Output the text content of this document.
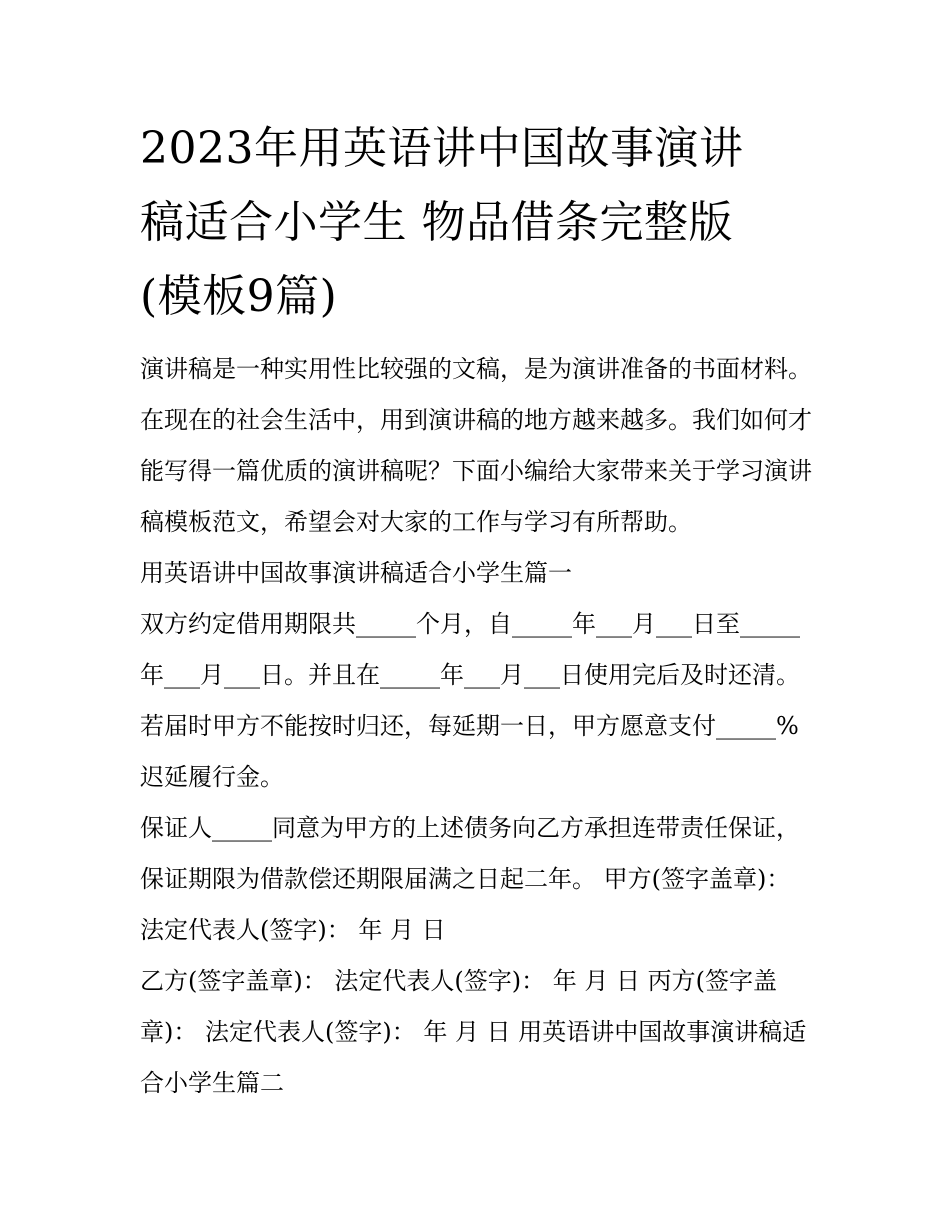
2023年用英语讲中国故事演讲
稿适合小学生 物品借条完整版
(模板9篇)

演讲稿是一种实用性比较强的文稿，是为演讲准备的书面材料。在现在的社会生活中，用到演讲稿的地方越来越多。我们如何才能写得一篇优质的演讲稿呢？下面小编给大家带来关于学习演讲稿模板范文，希望会对大家的工作与学习有所帮助。

用英语讲中国故事演讲稿适合小学生篇一

双方约定借用期限共_____个月，自_____年___月___日至_____年___月___日。并且在_____年___月___日使用完后及时还清。若届时甲方不能按时归还，每延期一日，甲方愿意支付_____%迟延履行金。

保证人_____同意为甲方的上述债务向乙方承担连带责任保证，保证期限为借款偿还期限届满之日起二年。 甲方(签字盖章)： 法定代表人(签字)： 年 月 日

乙方(签字盖章)： 法定代表人(签字)： 年 月 日 丙方(签字盖章)： 法定代表人(签字)： 年 月 日 用英语讲中国故事演讲稿适合小学生篇二
